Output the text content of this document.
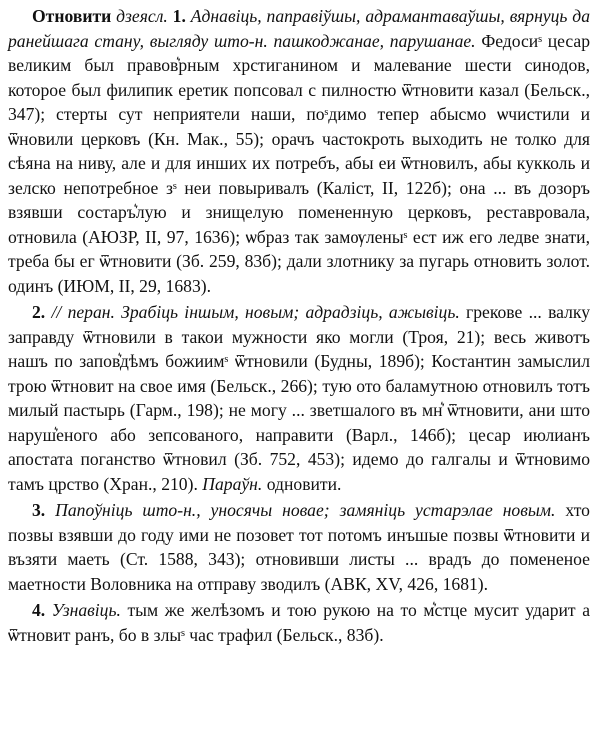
Отновити дзеясл. 1. Аднавіць, паправіўшы, адрамантаваўшы, вярнуць да ранейшага стану, выгляду што-н. пашкоджанае, парушанае. Федосиˢ цесар великим был правов͛рным хрстиганином и малевание шести синодов, которое был филипик еретик попсовал с пилностю ѿтновити казал (Бельск., 347); стерты сут неприятели наши, поˢдимо тепер абысмо ѡчистили и ѿновили церковъ (Кн. Мак., 55); орачъ частокроть выходить не толко для сѣяна на ниву, але и для инших их потребъ, абы еи ѿтновилъ, абы кукколь и зелско непотребное зˢ неи повыривалъ (Каліст, II, 122б); она ... въ дозоръ взявши состаръ͛лую и знищелую помененную церковъ, реставровала, отновила (АЮЗР, II, 97, 1636); ѡбраз так замѹленыˢ ест иж его ледве знати, треба бы ег ѿтновити (Зб. 259, 83б); дали злотнику за пугарь отновить золот. одинъ (ИЮМ, II, 29, 1683).

2. // перан. Зрабіць іншым, новым; адрадзіць, ажывіць. грекове ... валку заправду ѿтновили в такои мужности яко могли (Троя, 21); весь животъ нашъ по запов͛дѣмъ божиимˢ ѿтновили (Будны, 189б); Костантин замыслил трою ѿтновит на свое имя (Бельск., 266); тую ото баламутною отновилъ тотъ милый пастырь (Гарм., 198); не могу ... зветшалого въ мн͛ ѿтновити, ани што наруш͛еного або зепсованого, направити (Варл., 146б); цесар июлианъ апостата поганство ѿтновил (Зб. 752, 453); идемо до галгалы и ѿтновимо тамъ црство (Хран., 210). Параўн. одновити.

3. Папоўніць што-н., уносячы новае; замяніць устарэлае новым. хто позвы взявши до году ими не позовет тот потомъ инъшые позвы ѿтновити и възяти маеть (Ст. 1588, 343); отновивши листы ... врадъ до помененое маетности Воловника на отправу зводилъ (АВК, XV, 426, 1681).

4. Узнавіць. тым же желѣзомъ и тою рукою на то м͛стце мусит ударит а ѿтновит ранъ, бо в злыˢ час трафил (Бельск., 83б).
